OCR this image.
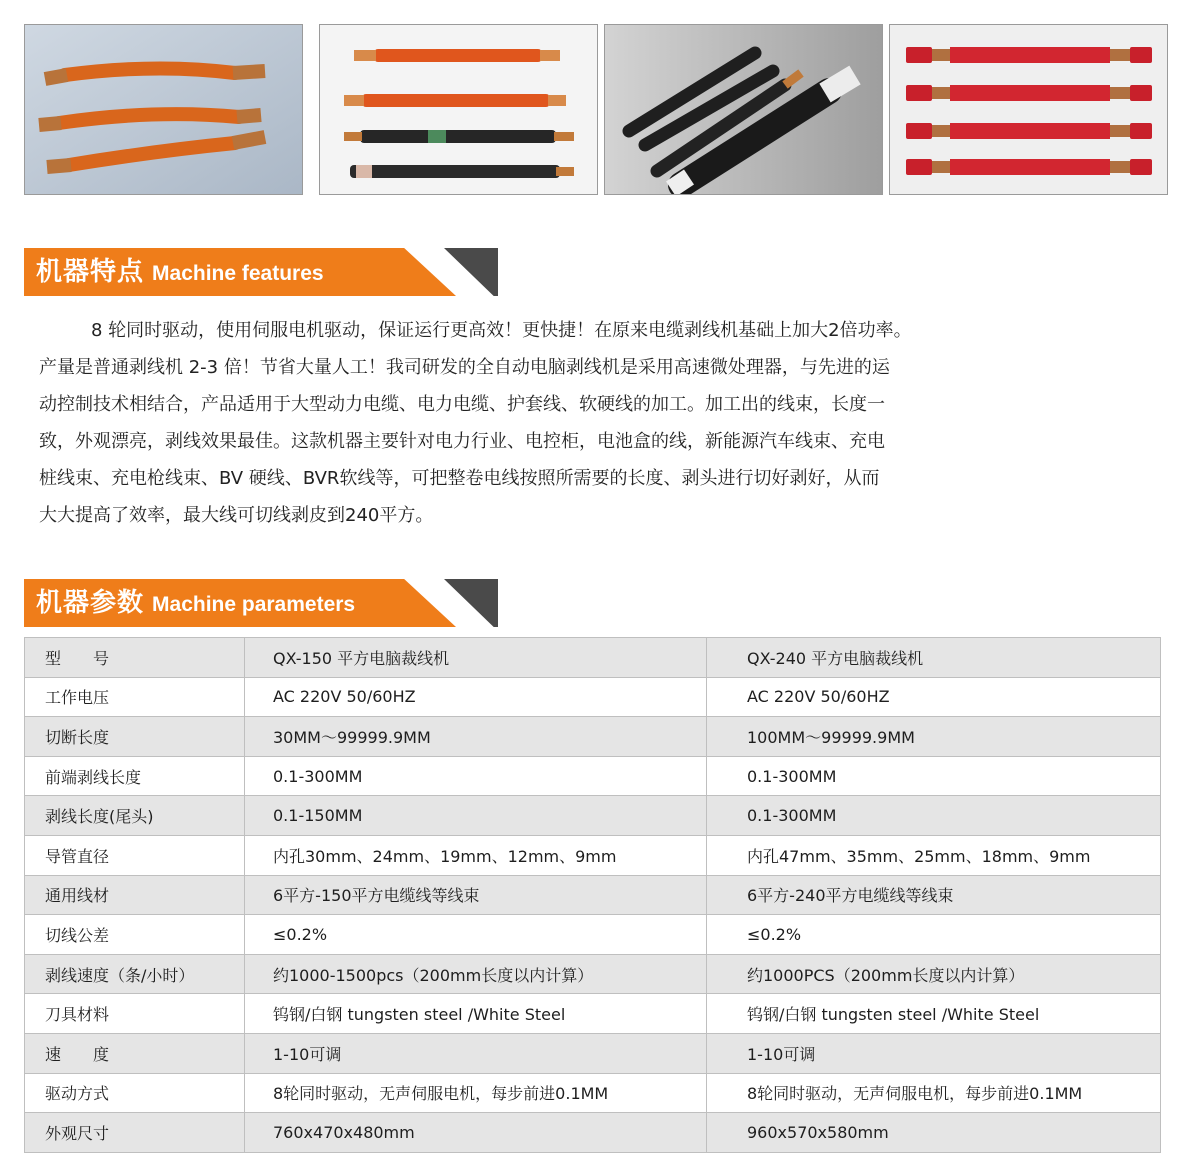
机器特点 Machine features
8 轮同时驱动，使用伺服电机驱动，保证运行更高效！更快捷！在原来电缆剥线机基础上加大2倍功率。
产量是普通剥线机 2-3 倍！节省大量人工！我司研发的全自动电脑剥线机是采用高速微处理器，与先进的运
动控制技术相结合，产品适用于大型动力电缆、电力电缆、护套线、软硬线的加工。加工出的线束，长度一
致，外观漂亮，剥线效果最佳。这款机器主要针对电力行业、电控柜，电池盒的线，新能源汽车线束、充电
桩线束、充电枪线束、BV 硬线、BVR软线等，可把整卷电线按照所需要的长度、剥头进行切好剥好，从而
大大提高了效率，最大线可切线剥皮到240平方。
机器参数 Machine parameters
型　　号	QX-150 平方电脑裁线机	QX-240 平方电脑裁线机
工作电压	AC 220V 50/60HZ	AC 220V 50/60HZ
切断长度	30MM～99999.9MM	100MM～99999.9MM
前端剥线长度	0.1-300MM	0.1-300MM
剥线长度(尾头)	0.1-150MM	0.1-300MM
导管直径	内孔30mm、24mm、19mm、12mm、9mm	内孔47mm、35mm、25mm、18mm、9mm
通用线材	6平方-150平方电缆线等线束	6平方-240平方电缆线等线束
切线公差	≤0.2%	≤0.2%
剥线速度（条/小时）	约1000-1500pcs（200mm长度以内计算）	约1000PCS（200mm长度以内计算）
刀具材料	钨钢/白钢 tungsten steel /White Steel	钨钢/白钢 tungsten steel /White Steel
速　　度	1-10可调	1-10可调
驱动方式	8轮同时驱动，无声伺服电机，每步前进0.1MM	8轮同时驱动，无声伺服电机，每步前进0.1MM
外观尺寸	760x470x480mm	960x570x580mm
